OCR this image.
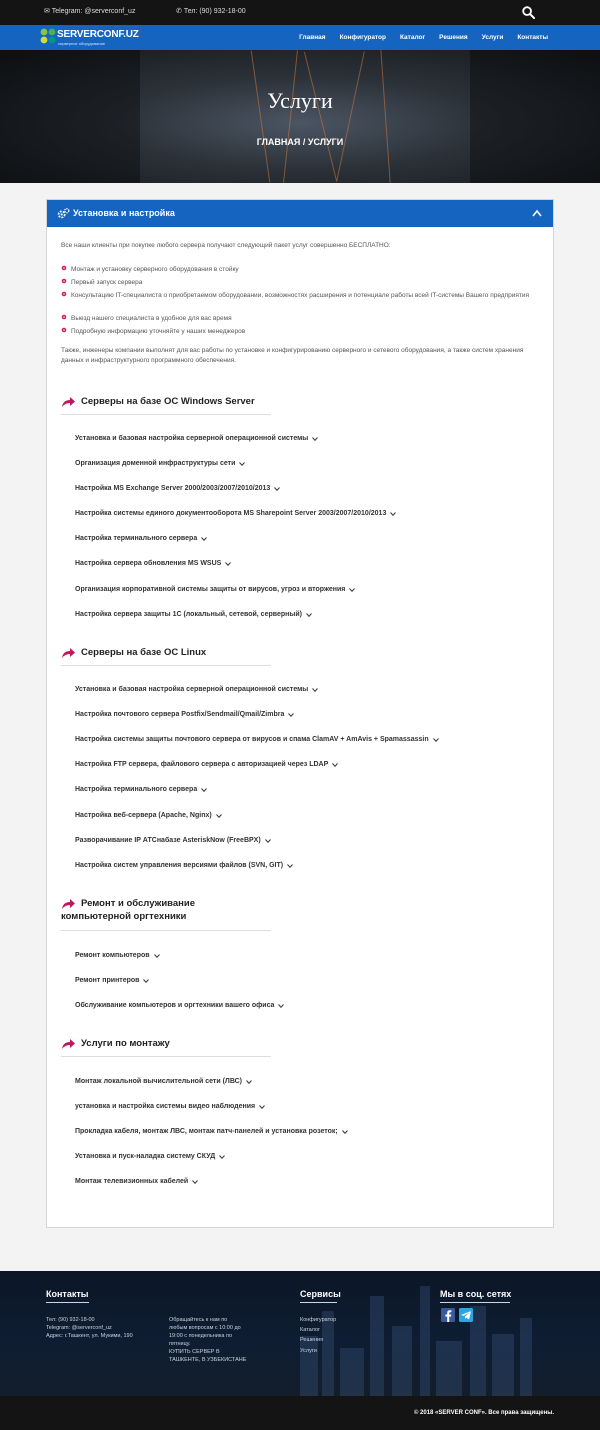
✉ Telegram: @serverconf_uz	✆ Тел: (90) 932-18-00
SERVERCONF.UZ
серверное оборудование
Главная Конфигуратор Каталог Решения Услуги Контакты
Услуги
ГЛАВНАЯ / УСЛУГИ
Установка и настройка
Все наши клиенты при покупке любого сервера получают следующий пакет услуг совершенно БЕСПЛАТНО:
Монтаж и установку серверного оборудования в стойку
Первый запуск сервера
Консультацию IT-специалиста о приобретаемом оборудовании, возможностях расширения и потенциале работы всей IT-системы Вашего предприятия
Выезд нашего специалиста в удобное для вас время
Подробную информацию уточняйте у наших менеджеров
Также, инженеры компании выполнят для вас работы по установке и конфигурированию серверного и сетевого оборудования, а также систем хранения данных и инфраструктурного программного обеспечения.
Серверы на базе ОС Windows Server
Установка и базовая настройка серверной операционной системы
Организация доменной инфраструктуры сети
Настройка MS Exchange Server 2000/2003/2007/2010/2013
Настройка системы единого документооборота MS Sharepoint Server 2003/2007/2010/2013
Настройка терминального сервера
Настройка сервера обновления MS WSUS
Организация корпоративной системы защиты от вирусов, угроз и вторжения
Настройка сервера защиты 1С (локальный, сетевой, серверный)
Серверы на базе ОС Linux
Установка и базовая настройка серверной операционной системы
Настройка почтового сервера Postfix/Sendmail/Qmail/Zimbra
Настройка системы защиты почтового сервера от вирусов и спама ClamAV + AmAvis + Spamassassin
Настройка FTP сервера, файлового сервера с авторизацией через LDAP
Настройка терминального сервера
Настройка веб-сервера (Apache, Nginx)
Разворачивание IP АТСнабазе AsteriskNow (FreeBPX)
Настройка систем управления версиями файлов (SVN, GIT)
Ремонт и обслуживание
компьютерной оргтехники
Ремонт компьютеров
Ремонт принтеров
Обслуживание компьютеров и оргтехники вашего офиса
Услуги по монтажу
Монтаж локальной вычислительной сети (ЛВС)
установка и настройка системы видео наблюдения
Прокладка кабеля, монтаж ЛВС, монтаж патч-панелей и установка розеток;
Установка и пуск-наладка систему СКУД
Монтаж телевизионных кабелей
Контакты
Тел: (90) 932-18-00
Telegram: @serverconf_uz
Адрес: г.Ташкент, ул. Мукими, 190
Обращайтесь к нам по
любым вопросам с 10:00 до
19:00 с понедельника по
пятницу.
КУПИТЬ СЕРВЕР В
ТАШКЕНТЕ, В УЗБЕКИСТАНЕ
Сервисы
Конфигуратор
Каталог
Решения
Услуги
Мы в соц. сетях
© 2018 «SERVER CONF». Все права защищены.
